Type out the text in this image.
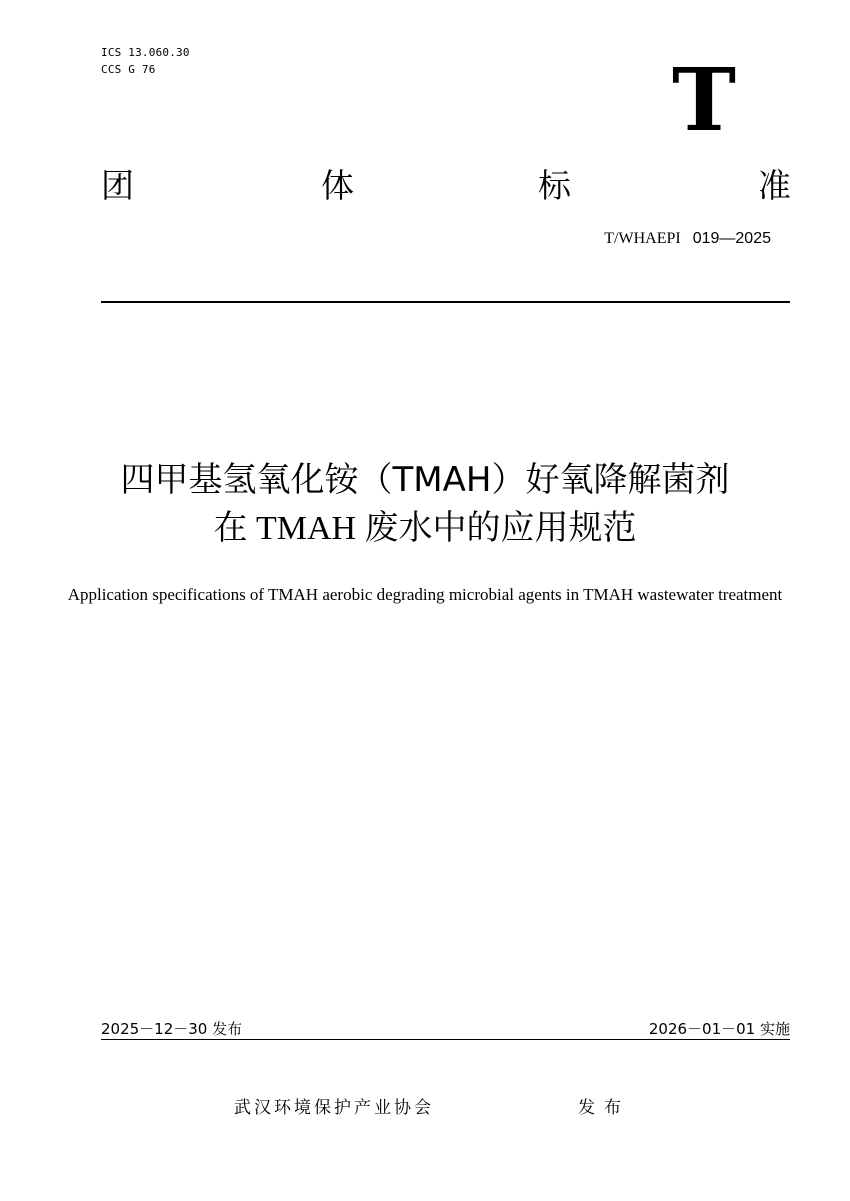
ICS 13.060.30
CCS G 76	T
团	体	标	准
T/WHAEPI 019—2025
四甲基氢氧化铵（TMAH）好氧降解菌剂
在 TMAH 废水中的应用规范
Application specifications of TMAH aerobic degrading microbial agents in TMAH wastewater treatment
2025－12－30 发布	2026－01－01 实施
武汉环境保护产业协会	发布
